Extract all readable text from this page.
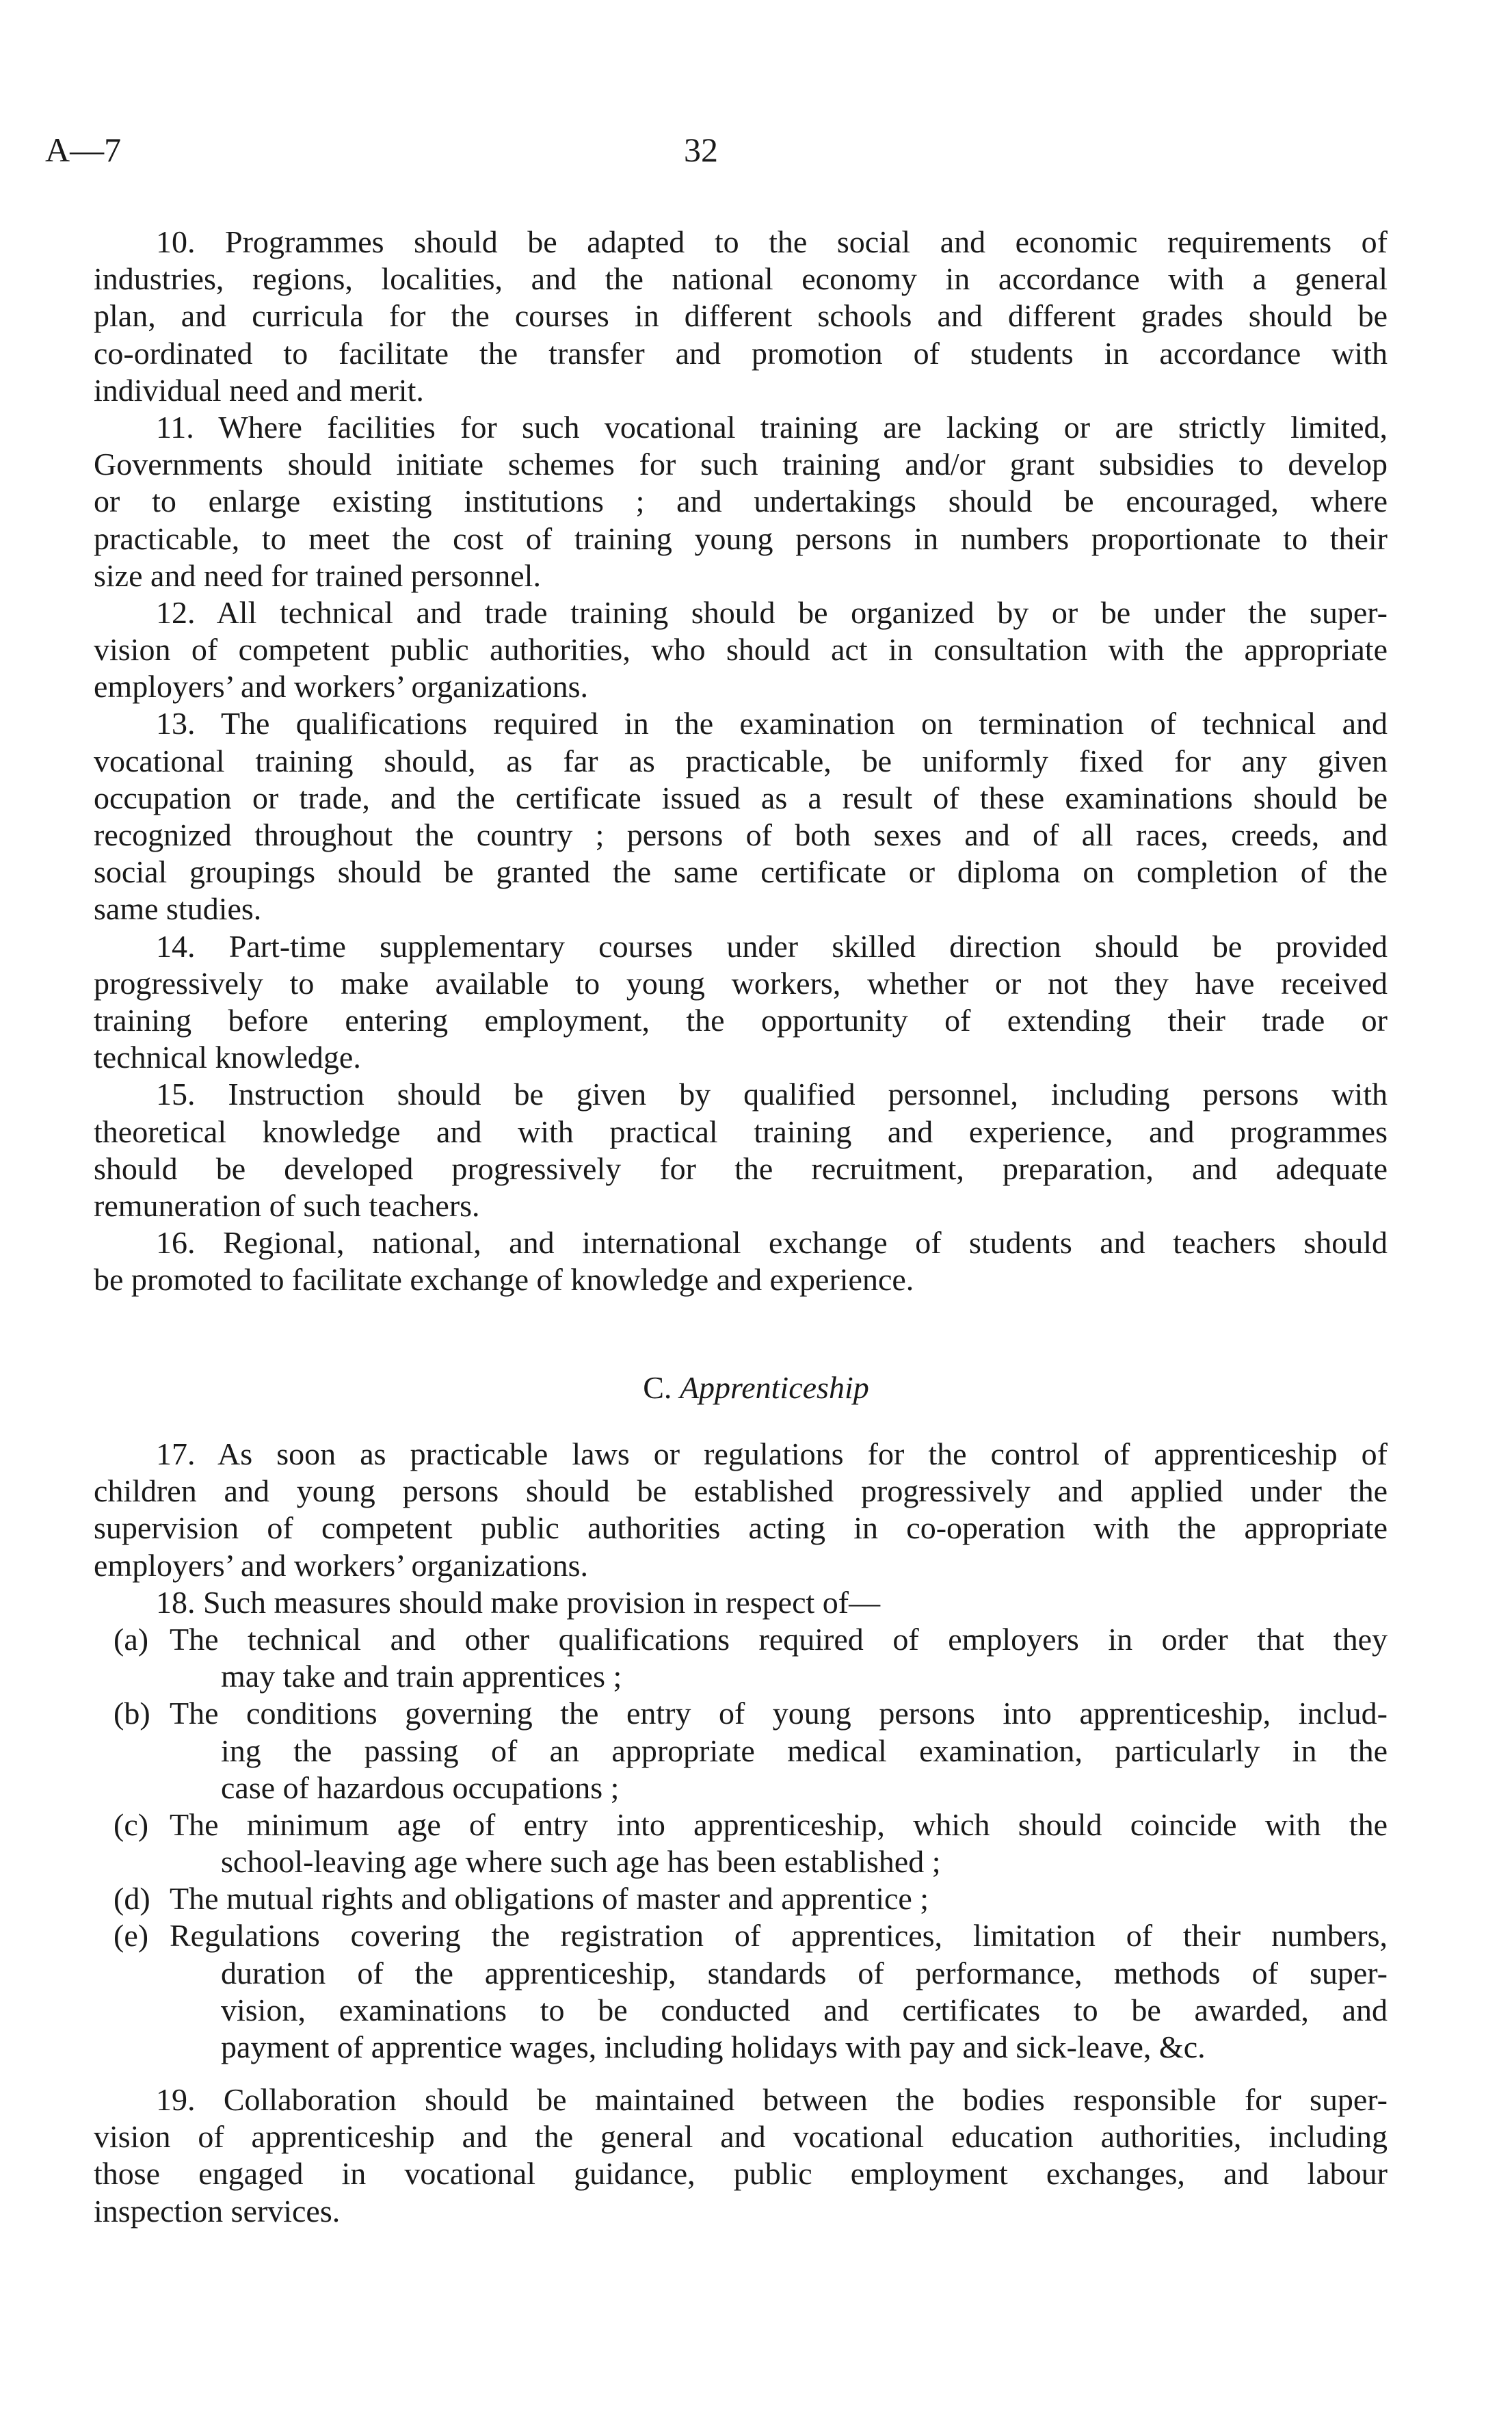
A—7	32
10. Programmes should be adapted to the social and economic requirements of
industries, regions, localities, and the national economy in accordance with a general
plan, and curricula for the courses in different schools and different grades should be
co-ordinated to facilitate the transfer and promotion of students in accordance with
individual need and merit.
11. Where facilities for such vocational training are lacking or are strictly limited,
Governments should initiate schemes for such training and/or grant subsidies to develop
or to enlarge existing institutions ; and undertakings should be encouraged, where
practicable, to meet the cost of training young persons in numbers proportionate to their
size and need for trained personnel.
12. All technical and trade training should be organized by or be under the super-
vision of competent public authorities, who should act in consultation with the appropriate
employers’ and workers’ organizations.
13. The qualifications required in the examination on termination of technical and
vocational training should, as far as practicable, be uniformly fixed for any given
occupation or trade, and the certificate issued as a result of these examinations should be
recognized throughout the country ; persons of both sexes and of all races, creeds, and
social groupings should be granted the same certificate or diploma on completion of the
same studies.
14. Part-time supplementary courses under skilled direction should be provided
progressively to make available to young workers, whether or not they have received
training before entering employment, the opportunity of extending their trade or
technical knowledge.
15. Instruction should be given by qualified personnel, including persons with
theoretical knowledge and with practical training and experience, and programmes
should be developed progressively for the recruitment, preparation, and adequate
remuneration of such teachers.
16. Regional, national, and international exchange of students and teachers should
be promoted to facilitate exchange of knowledge and experience.
C. Apprenticeship
17. As soon as practicable laws or regulations for the control of apprenticeship of
children and young persons should be established progressively and applied under the
supervision of competent public authorities acting in co-operation with the appropriate
employers’ and workers’ organizations.
18. Such measures should make provision in respect of—
(a) The technical and other qualifications required of employers in order that they
may take and train apprentices ;
(b) The conditions governing the entry of young persons into apprenticeship, includ-
ing the passing of an appropriate medical examination, particularly in the
case of hazardous occupations ;
(c) The minimum age of entry into apprenticeship, which should coincide with the
school-leaving age where such age has been established ;
(d) The mutual rights and obligations of master and apprentice ;
(e) Regulations covering the registration of apprentices, limitation of their numbers,
duration of the apprenticeship, standards of performance, methods of super-
vision, examinations to be conducted and certificates to be awarded, and
payment of apprentice wages, including holidays with pay and sick-leave, &c.
19. Collaboration should be maintained between the bodies responsible for super-
vision of apprenticeship and the general and vocational education authorities, including
those engaged in vocational guidance, public employment exchanges, and labour
inspection services.
